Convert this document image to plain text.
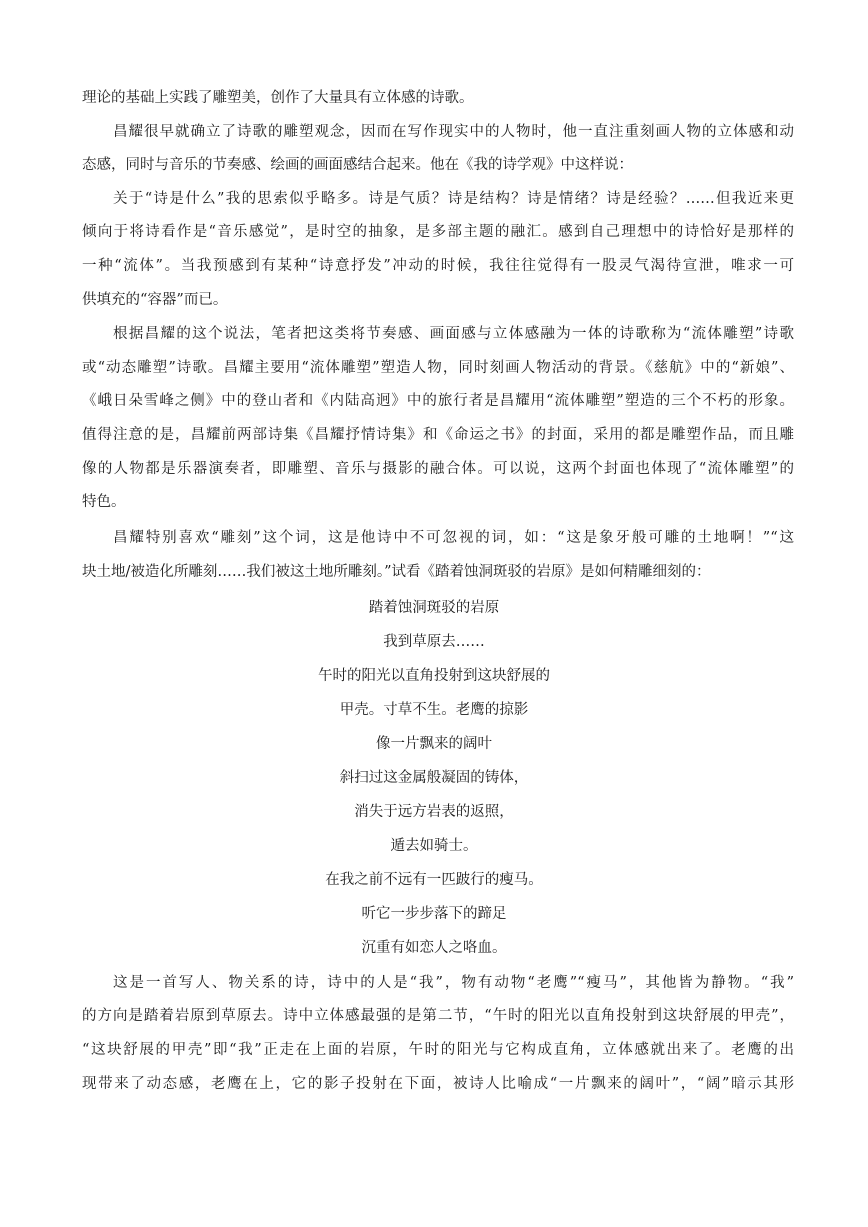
理论的基础上实践了雕塑美，创作了大量具有立体感的诗歌。
昌耀很早就确立了诗歌的雕塑观念，因而在写作现实中的人物时，他一直注重刻画人物的立体感和动
态感，同时与音乐的节奏感、绘画的画面感结合起来。他在《我的诗学观》中这样说：
关于“诗是什么”我的思索似乎略多。诗是气质？诗是结构？诗是情绪？诗是经验？……但我近来更
倾向于将诗看作是“音乐感觉”，是时空的抽象，是多部主题的融汇。感到自己理想中的诗恰好是那样的
一种“流体”。当我预感到有某种“诗意抒发”冲动的时候，我往往觉得有一股灵气渴待宣泄，唯求一可
供填充的“容器”而已。
根据昌耀的这个说法，笔者把这类将节奏感、画面感与立体感融为一体的诗歌称为“流体雕塑”诗歌
或“动态雕塑”诗歌。昌耀主要用“流体雕塑”塑造人物，同时刻画人物活动的背景。《慈航》中的“新娘”、
《峨日朵雪峰之侧》中的登山者和《内陆高迥》中的旅行者是昌耀用“流体雕塑”塑造的三个不朽的形象。
值得注意的是，昌耀前两部诗集《昌耀抒情诗集》和《命运之书》的封面，采用的都是雕塑作品，而且雕
像的人物都是乐器演奏者，即雕塑、音乐与摄影的融合体。可以说，这两个封面也体现了“流体雕塑”的
特色。
昌耀特别喜欢“雕刻”这个词，这是他诗中不可忽视的词，如：“这是象牙般可雕的土地啊！”“这
块土地/被造化所雕刻……我们被这土地所雕刻。”试看《踏着蚀洞斑驳的岩原》是如何精雕细刻的：
踏着蚀洞斑驳的岩原
我到草原去……
午时的阳光以直角投射到这块舒展的
甲壳。寸草不生。老鹰的掠影
像一片飘来的阔叶
斜扫过这金属般凝固的铸体，
消失于远方岩表的返照，
遁去如骑士。
在我之前不远有一匹跛行的瘦马。
听它一步步落下的蹄足
沉重有如恋人之咯血。
这是一首写人、物关系的诗，诗中的人是“我”，物有动物“老鹰”“瘦马”，其他皆为静物。“我”
的方向是踏着岩原到草原去。诗中立体感最强的是第二节，“午时的阳光以直角投射到这块舒展的甲壳”，
“这块舒展的甲壳”即“我”正走在上面的岩原，午时的阳光与它构成直角，立体感就出来了。老鹰的出
现带来了动态感，老鹰在上，它的影子投射在下面，被诗人比喻成“一片飘来的阔叶”，“阔”暗示其形
